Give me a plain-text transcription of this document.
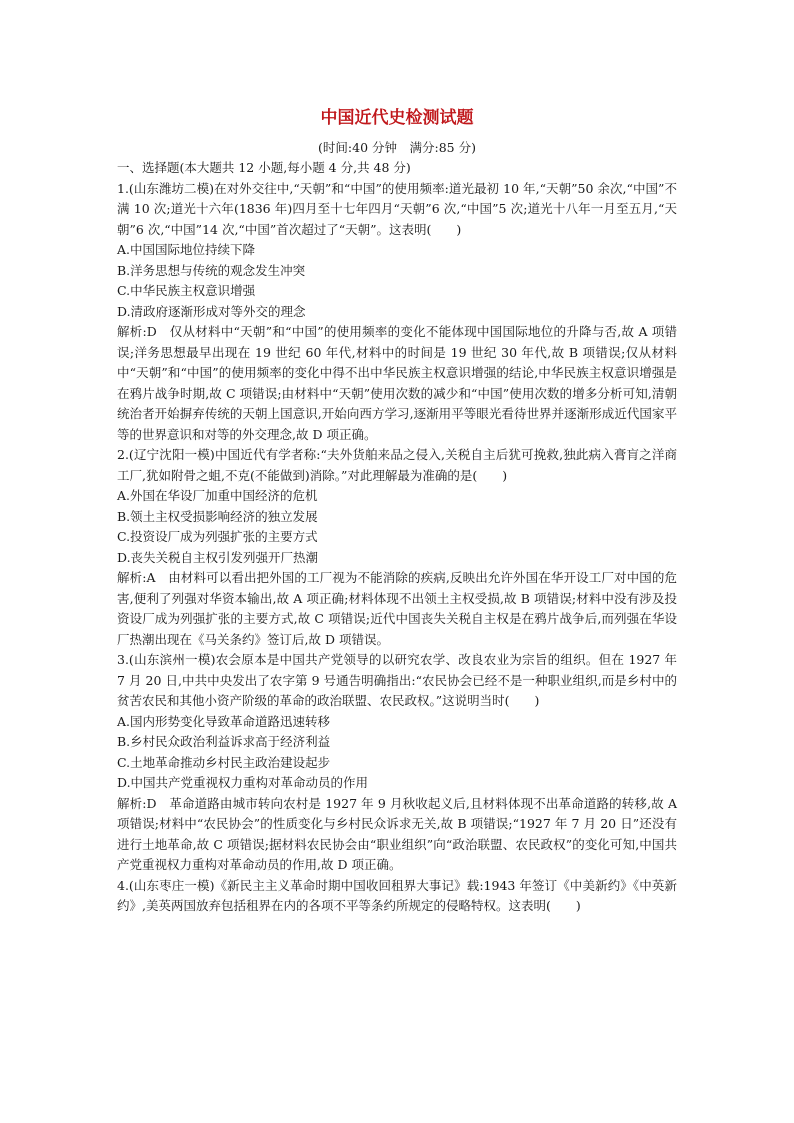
中国近代史检测试题
(时间:40 分钟　满分:85 分)

一、选择题(本大题共 12 小题,每小题 4 分,共 48 分)

1.(山东潍坊二模)在对外交往中,“天朝”和“中国”的使用频率:道光最初 10 年,“天朝”50 余次,“中国”不满 10 次;道光十六年(1836 年)四月至十七年四月“天朝”6 次,“中国”5 次;道光十八年一月至五月,“天朝”6 次,“中国”14 次,“中国”首次超过了“天朝”。这表明(　　)

A.中国国际地位持续下降

B.洋务思想与传统的观念发生冲突

C.中华民族主权意识增强

D.清政府逐渐形成对等外交的理念

解析:D　仅从材料中“天朝”和“中国”的使用频率的变化不能体现中国国际地位的升降与否,故 A 项错误;洋务思想最早出现在 19 世纪 60 年代,材料中的时间是 19 世纪 30 年代,故 B 项错误;仅从材料中“天朝”和“中国”的使用频率的变化中得不出中华民族主权意识增强的结论,中华民族主权意识增强是在鸦片战争时期,故 C 项错误;由材料中“天朝”使用次数的减少和“中国”使用次数的增多分析可知,清朝统治者开始摒弃传统的天朝上国意识,开始向西方学习,逐渐用平等眼光看待世界并逐渐形成近代国家平等的世界意识和对等的外交理念,故 D 项正确。

2.(辽宁沈阳一模)中国近代有学者称:“夫外货舶来品之侵入,关税自主后犹可挽救,独此病入膏肓之洋商工厂,犹如附骨之蛆,不克(不能做到)消除。”对此理解最为准确的是(　　)

A.外国在华设厂加重中国经济的危机

B.领土主权受损影响经济的独立发展

C.投资设厂成为列强扩张的主要方式

D.丧失关税自主权引发列强开厂热潮

解析:A　由材料可以看出把外国的工厂视为不能消除的疾病,反映出允许外国在华开设工厂对中国的危害,便利了列强对华资本输出,故 A 项正确;材料体现不出领土主权受损,故 B 项错误;材料中没有涉及投资设厂成为列强扩张的主要方式,故 C 项错误;近代中国丧失关税自主权是在鸦片战争后,而列强在华设厂热潮出现在《马关条约》签订后,故 D 项错误。

3.(山东滨州一模)农会原本是中国共产党领导的以研究农学、改良农业为宗旨的组织。但在 1927 年 7 月 20 日,中共中央发出了农字第 9 号通告明确指出:“农民协会已经不是一种职业组织,而是乡村中的贫苦农民和其他小资产阶级的革命的政治联盟、农民政权。”这说明当时(　　)

A.国内形势变化导致革命道路迅速转移

B.乡村民众政治利益诉求高于经济利益

C.土地革命推动乡村民主政治建设起步

D.中国共产党重视权力重构对革命动员的作用

解析:D　革命道路由城市转向农村是 1927 年 9 月秋收起义后,且材料体现不出革命道路的转移,故 A 项错误;材料中“农民协会”的性质变化与乡村民众诉求无关,故 B 项错误;“1927 年 7 月 20 日”还没有进行土地革命,故 C 项错误;据材料农民协会由“职业组织”向“政治联盟、农民政权”的变化可知,中国共产党重视权力重构对革命动员的作用,故 D 项正确。

4.(山东枣庄一模)《新民主主义革命时期中国收回租界大事记》载:1943 年签订《中美新约》《中英新约》,美英两国放弃包括租界在内的各项不平等条约所规定的侵略特权。这表明(　　)
